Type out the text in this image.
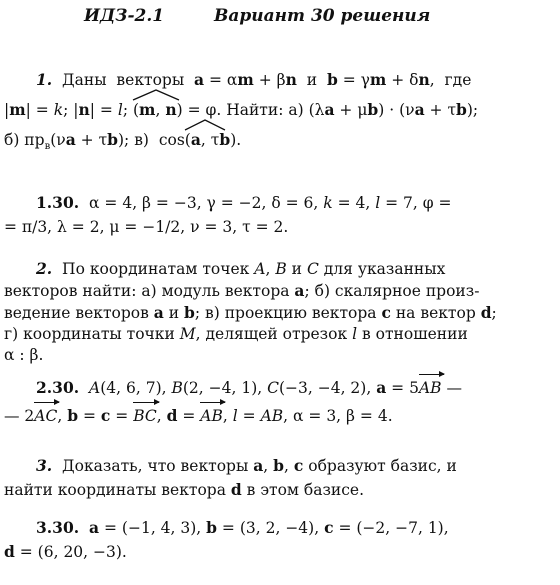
ИДЗ-2.1	Вариант 30 решения
1.  Даны  векторы  a = αm + βn  и  b = γm + δn,  где
|m| = k; |n| = l;
(m, n) = φ. Найти: а) (λa + μb) · (νa + τb);
б) $пр_в(\nu a + \tau b)$; в)  cos
(a, τb).
1.30.  α = 4, β = −3, γ = −2, δ = 6, k = 4, l = 7, φ =
= π/3, λ = 2, μ = −1/2, ν = 3, τ = 2.
2.  По координатам точек A, B и C для указанных
векторов найти: а) модуль вектора a; б) скалярное произ-
ведение векторов a и b; в) проекцию вектора c на вектор d;
г) координаты точки M, делящей отрезок l в отношении
α : β.
2.30. A(4, 6, 7), B(2, −4, 1), C(−3, −4, 2), a = 5AB —
— 2AC, b = c = BC, d = AB, l = AB, α = 3, β = 4.
3.  Доказать, что векторы a, b, c образуют базис, и
найти координаты вектора d в этом базисе.
3.30. a = (−1, 4, 3), b = (3, 2, −4), c = (−2, −7, 1),
d = (6, 20, −3).
